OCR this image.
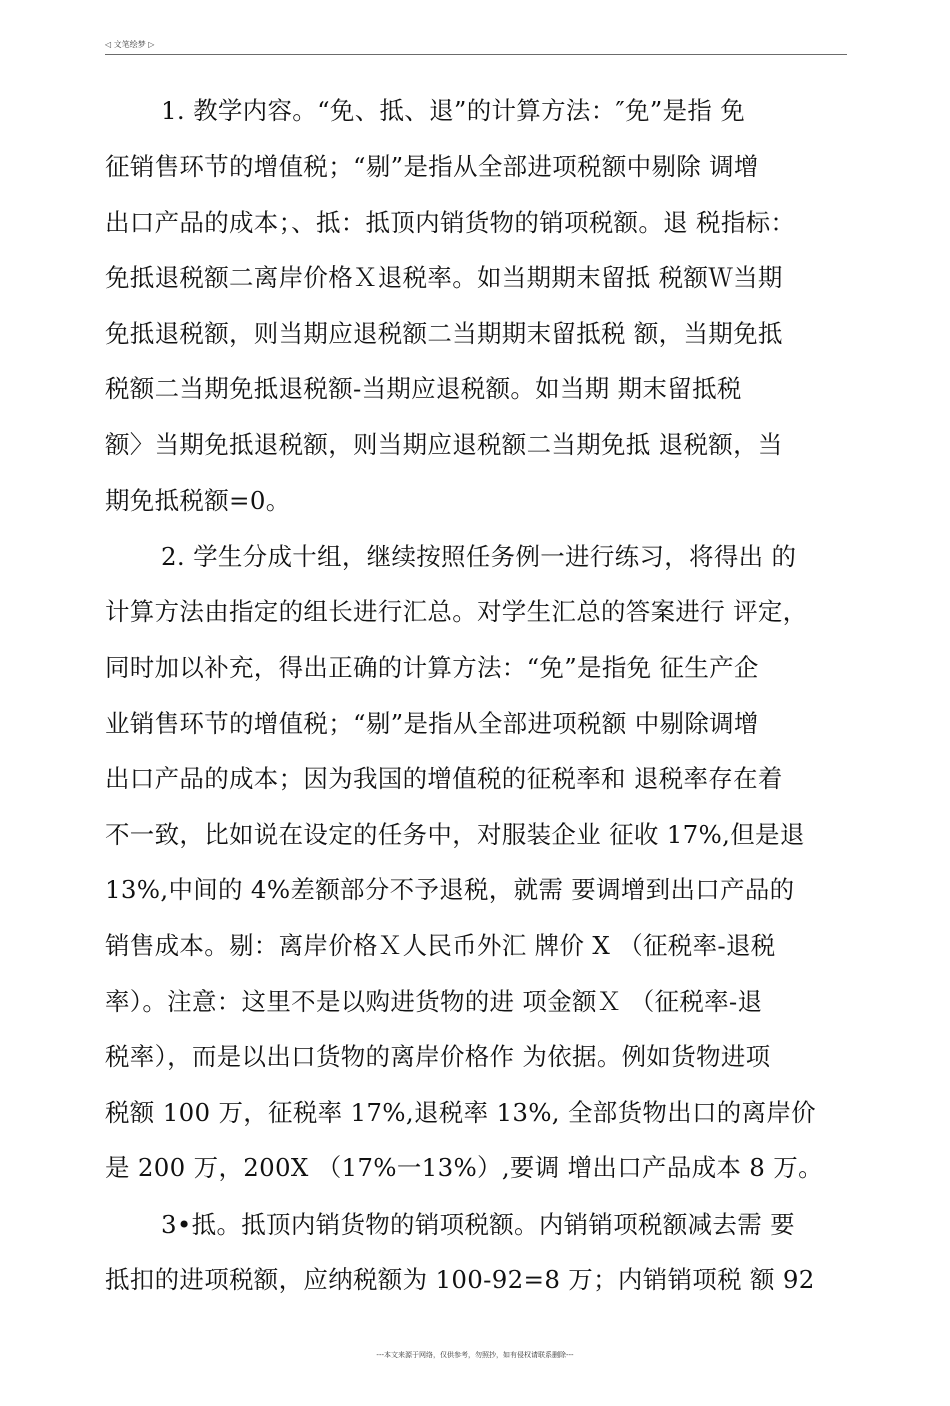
◁ 文笔绘梦 ▷
1. 教学内容。“免、抵、退”的计算方法：″免”是指 免
征销售环节的增值税；“剔”是指从全部进项税额中剔除 调增
出口产品的成本；、抵：抵顶内销货物的销项税额。退 税指标：
免抵退税额二离岸价格Ｘ退税率。如当期期末留抵 税额Ｗ当期
免抵退税额，则当期应退税额二当期期末留抵税 额，当期免抵
税额二当期免抵退税额-当期应退税额。如当期 期末留抵税
额〉当期免抵退税额，则当期应退税额二当期免抵 退税额，当
期免抵税额=0。
2. 学生分成十组，继续按照任务例一进行练习，将得出 的
计算方法由指定的组长进行汇总。对学生汇总的答案进行 评定，
同时加以补充，得出正确的计算方法：“免”是指免 征生产企
业销售环节的增值税；“剔”是指从全部进项税额 中剔除调增
出口产品的成本；因为我国的增值税的征税率和 退税率存在着
不一致，比如说在设定的任务中，对服装企业 征收 17%,但是退
13%,中间的 4%差额部分不予退税，就需 要调增到出口产品的
销售成本。剔：离岸价格Ｘ人民币外汇 牌价 X （征税率-退税
率）。注意：这里不是以购进货物的进 项金额Ｘ （征税率-退
税率），而是以出口货物的离岸价格作 为依据。例如货物进项
税额 100 万，征税率 17%,退税率 13%, 全部货物出口的离岸价
是 200 万，200X （17%一13%）,要调 增出口产品成本 8 万。
3•抵。抵顶内销货物的销项税额。内销销项税额减去需 要
抵扣的进项税额，应纳税额为 100-92=8 万；内销销项税 额 92
---本文来源于网络，仅供参考，勿照抄，如有侵权请联系删除---
